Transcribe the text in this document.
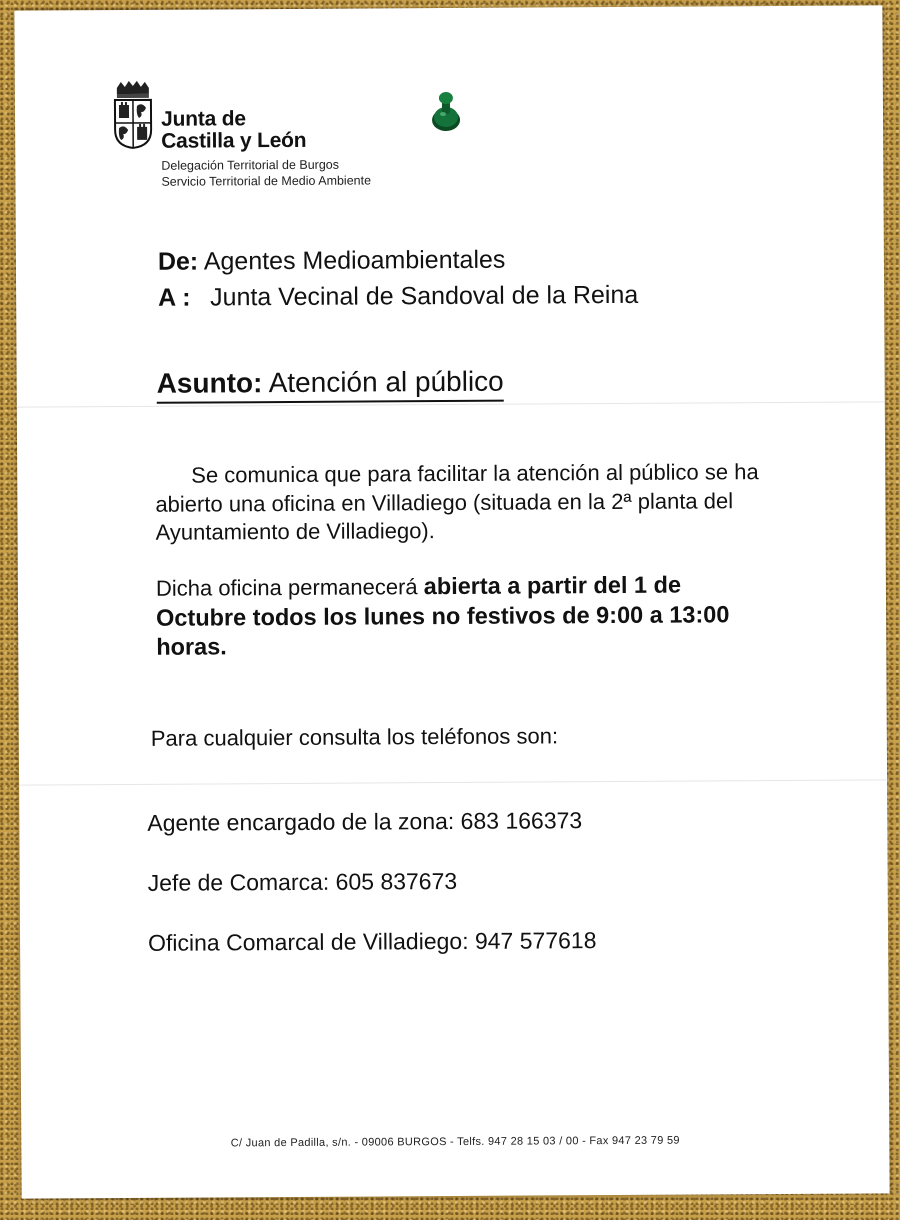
Junta de
Castilla y León
Delegación Territorial de Burgos
Servicio Territorial de Medio Ambiente
De: Agentes Medioambientales
A : Junta Vecinal de Sandoval de la Reina
Asunto: Atención al público
Se comunica que para facilitar la atención al público se ha abierto una oficina en Villadiego (situada en la 2ª planta del Ayuntamiento de Villadiego).
Dicha oficina permanecerá abierta a partir del 1 de Octubre todos los lunes no festivos de 9:00 a 13:00 horas.
Para cualquier consulta los teléfonos son:
Agente encargado de la zona: 683 166373
Jefe de Comarca: 605 837673
Oficina Comarcal de Villadiego: 947 577618
C/ Juan de Padilla, s/n. - 09006 BURGOS - Telfs. 947 28 15 03 / 00 - Fax 947 23 79 59
